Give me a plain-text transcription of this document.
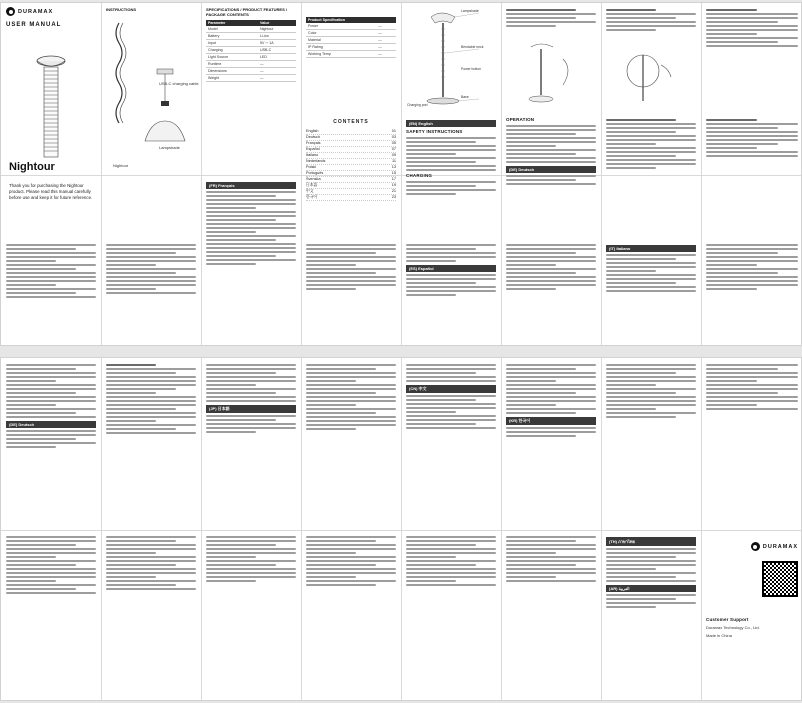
DURAMAX
USER MANUAL
Nightour
Thank you for purchasing the Nightour product. Please read this manual carefully before use and keep it for future reference.
INSTRUCTIONS
USB-C charging cable
Lampshade
Nightour
SPECIFICATIONS / PRODUCT FEATURES / PACKAGE CONTENTS
Parameter	Value
Model	Nightour
Battery	Li-ion
Input	5V ⎓ 1A
Charging	USB-C
Light Source	LED
Runtime	—
Dimensions	—
Weight	—
Product Specification	
Power	—
Color	—
Material	—
IP Rating	—
Working Temp	—
Lampshade
Bendable neck
Power button
Base
Charging port
CONTENTS
English	01
Deutsch	03
Français	05
Español	07
Italiano	09
Nederlands	11
Polski	13
Português	15
Svenska	17
日本語	19
中文	21
한국어	23
(EN) English
SAFETY INSTRUCTIONS
CHARGING
OPERATION
(DE) Deutsch
(FR) Français
(ES) Español
(IT) Italiano
(DE) Deutsch
(JP) 日本語
(CN) 中文
(KR) 한국어
(TH) ภาษาไทย
(AR) العربية
DURAMAX
Customer Support

Duramax Technology Co., Ltd.

Made in China
